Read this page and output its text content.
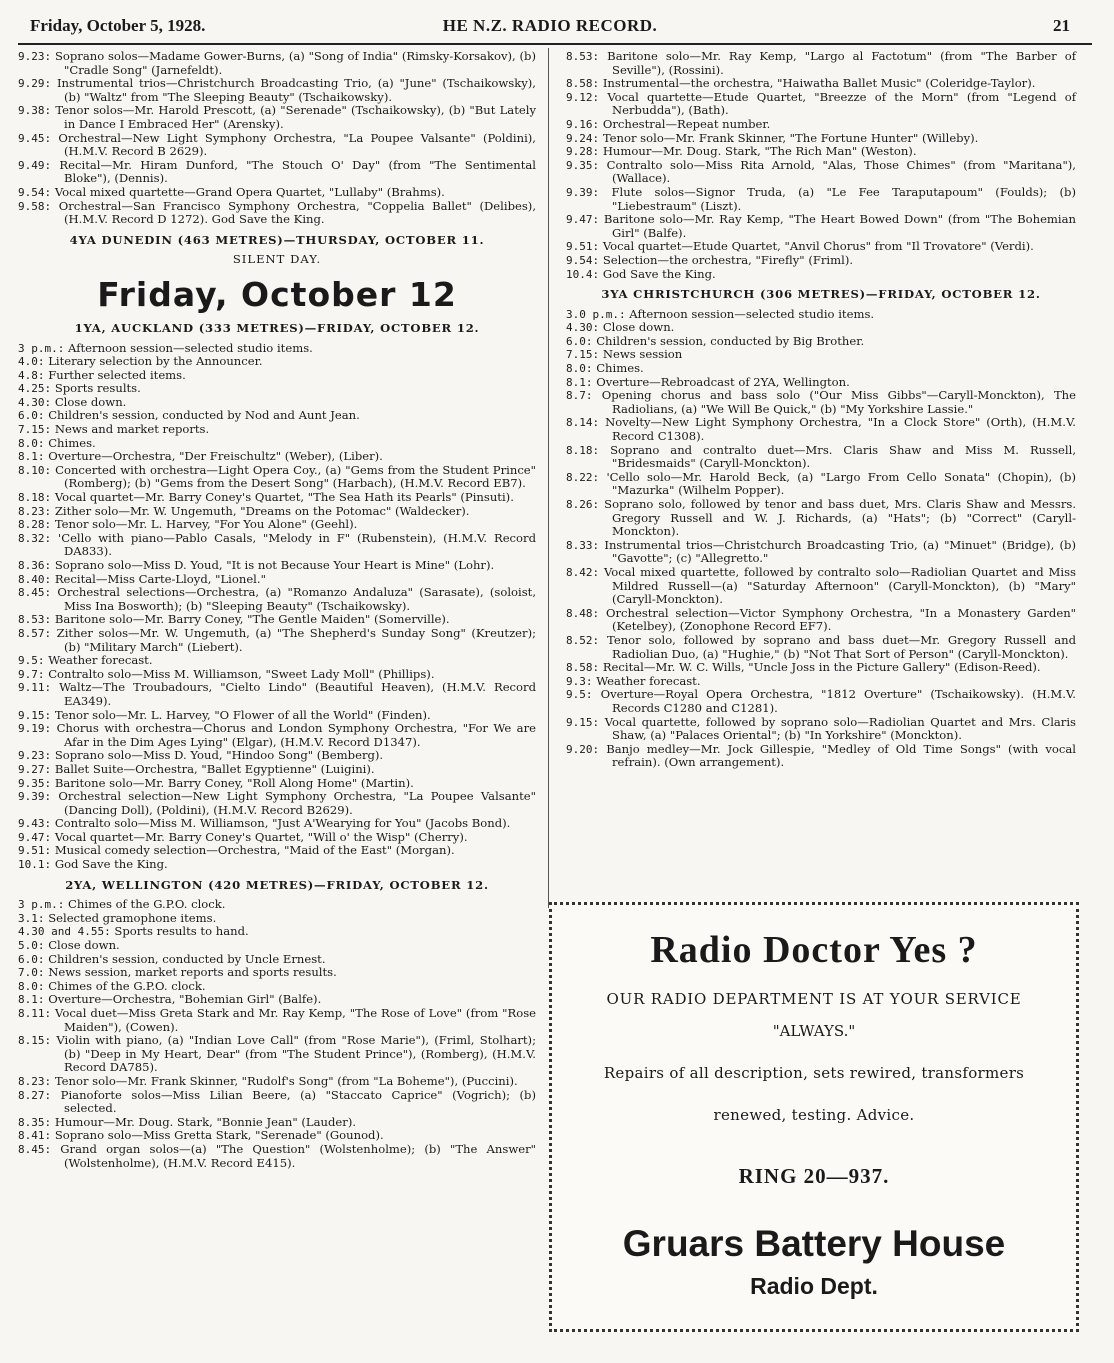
Friday, October 5, 1928.	HE N.Z. RADIO RECORD.	21
9.23: Soprano solos—Madame Gower-Burns, (a) "Song of India" (Rimsky-Korsakov), (b) "Cradle Song" (Jarnefeldt).
9.29: Instrumental trios—Christchurch Broadcasting Trio, (a) "June" (Tschaikowsky), (b) "Waltz" from "The Sleeping Beauty" (Tschaikowsky).
9.38: Tenor solos—Mr. Harold Prescott, (a) "Serenade" (Tschaikowsky), (b) "But Lately in Dance I Embraced Her" (Arensky).
9.45: Orchestral—New Light Symphony Orchestra, "La Poupee Valsante" (Poldini), (H.M.V. Record B 2629).
9.49: Recital—Mr. Hiram Dunford, "The Stouch O' Day" (from "The Sentimental Bloke"), (Dennis).
9.54: Vocal mixed quartette—Grand Opera Quartet, "Lullaby" (Brahms).
9.58: Orchestral—San Francisco Symphony Orchestra, "Coppelia Ballet" (Delibes), (H.M.V. Record D 1272). God Save the King.
4YA DUNEDIN (463 METRES)—THURSDAY, OCTOBER 11.
SILENT DAY.
Friday, October 12
1YA, AUCKLAND (333 METRES)—FRIDAY, OCTOBER 12.
3 p.m.: Afternoon session—selected studio items.
4.0: Literary selection by the Announcer.
4.8: Further selected items.
4.25: Sports results.
4.30: Close down.
6.0: Children's session, conducted by Nod and Aunt Jean.
7.15: News and market reports.
8.0: Chimes.
8.1: Overture—Orchestra, "Der Freischultz" (Weber), (Liber).
8.10: Concerted with orchestra—Light Opera Coy., (a) "Gems from the Student Prince" (Romberg); (b) "Gems from the Desert Song" (Harbach), (H.M.V. Record EB7).
8.18: Vocal quartet—Mr. Barry Coney's Quartet, "The Sea Hath its Pearls" (Pinsuti).
8.23: Zither solo—Mr. W. Ungemuth, "Dreams on the Potomac" (Waldecker).
8.28: Tenor solo—Mr. L. Harvey, "For You Alone" (Geehl).
8.32: 'Cello with piano—Pablo Casals, "Melody in F" (Rubenstein), (H.M.V. Record DA833).
8.36: Soprano solo—Miss D. Youd, "It is not Because Your Heart is Mine" (Lohr).
8.40: Recital—Miss Carte-Lloyd, "Lionel."
8.45: Orchestral selections—Orchestra, (a) "Romanzo Andaluza" (Sarasate), (soloist, Miss Ina Bosworth); (b) "Sleeping Beauty" (Tschaikowsky).
8.53: Baritone solo—Mr. Barry Coney, "The Gentle Maiden" (Somerville).
8.57: Zither solos—Mr. W. Ungemuth, (a) "The Shepherd's Sunday Song" (Kreutzer); (b) "Military March" (Liebert).
9.5: Weather forecast.
9.7: Contralto solo—Miss M. Williamson, "Sweet Lady Moll" (Phillips).
9.11: Waltz—The Troubadours, "Cielto Lindo" (Beautiful Heaven), (H.M.V. Record EA349).
9.15: Tenor solo—Mr. L. Harvey, "O Flower of all the World" (Finden).
9.19: Chorus with orchestra—Chorus and London Symphony Orchestra, "For We are Afar in the Dim Ages Lying" (Elgar), (H.M.V. Record D1347).
9.23: Soprano solo—Miss D. Youd, "Hindoo Song" (Bemberg).
9.27: Ballet Suite—Orchestra, "Ballet Egyptienne" (Luigini).
9.35: Baritone solo—Mr. Barry Coney, "Roll Along Home" (Martin).
9.39: Orchestral selection—New Light Symphony Orchestra, "La Poupee Valsante" (Dancing Doll), (Poldini), (H.M.V. Record B2629).
9.43: Contralto solo—Miss M. Williamson, "Just A'Wearying for You" (Jacobs Bond).
9.47: Vocal quartet—Mr. Barry Coney's Quartet, "Will o' the Wisp" (Cherry).
9.51: Musical comedy selection—Orchestra, "Maid of the East" (Morgan).
10.1: God Save the King.
2YA, WELLINGTON (420 METRES)—FRIDAY, OCTOBER 12.
3 p.m.: Chimes of the G.P.O. clock.
3.1: Selected gramophone items.
4.30 and 4.55: Sports results to hand.
5.0: Close down.
6.0: Children's session, conducted by Uncle Ernest.
7.0: News session, market reports and sports results.
8.0: Chimes of the G.P.O. clock.
8.1: Overture—Orchestra, "Bohemian Girl" (Balfe).
8.11: Vocal duet—Miss Greta Stark and Mr. Ray Kemp, "The Rose of Love" (from "Rose Maiden"), (Cowen).
8.15: Violin with piano, (a) "Indian Love Call" (from "Rose Marie"), (Friml, Stolhart); (b) "Deep in My Heart, Dear" (from "The Student Prince"), (Romberg), (H.M.V. Record DA785).
8.23: Tenor solo—Mr. Frank Skinner, "Rudolf's Song" (from "La Boheme"), (Puccini).
8.27: Pianoforte solos—Miss Lilian Beere, (a) "Staccato Caprice" (Vogrich); (b) selected.
8.35: Humour—Mr. Doug. Stark, "Bonnie Jean" (Lauder).
8.41: Soprano solo—Miss Gretta Stark, "Serenade" (Gounod).
8.45: Grand organ solos—(a) "The Question" (Wolstenholme); (b) "The Answer" (Wolstenholme), (H.M.V. Record E415).
8.53: Baritone solo—Mr. Ray Kemp, "Largo al Factotum" (from "The Barber of Seville"), (Rossini).
8.58: Instrumental—the orchestra, "Haiwatha Ballet Music" (Coleridge-Taylor).
9.12: Vocal quartette—Etude Quartet, "Breezze of the Morn" (from "Legend of Nerbudda"), (Bath).
9.16: Orchestral—Repeat number.
9.24: Tenor solo—Mr. Frank Skinner, "The Fortune Hunter" (Willeby).
9.28: Humour—Mr. Doug. Stark, "The Rich Man" (Weston).
9.35: Contralto solo—Miss Rita Arnold, "Alas, Those Chimes" (from "Maritana"), (Wallace).
9.39: Flute solos—Signor Truda, (a) "Le Fee Taraputapoum" (Foulds); (b) "Liebestraum" (Liszt).
9.47: Baritone solo—Mr. Ray Kemp, "The Heart Bowed Down" (from "The Bohemian Girl" (Balfe).
9.51: Vocal quartet—Etude Quartet, "Anvil Chorus" from "Il Trovatore" (Verdi).
9.54: Selection—the orchestra, "Firefly" (Friml).
10.4: God Save the King.
3YA CHRISTCHURCH (306 METRES)—FRIDAY, OCTOBER 12.
3.0 p.m.: Afternoon session—selected studio items.
4.30: Close down.
6.0: Children's session, conducted by Big Brother.
7.15: News session
8.0: Chimes.
8.1: Overture—Rebroadcast of 2YA, Wellington.
8.7: Opening chorus and bass solo ("Our Miss Gibbs"—Caryll-Monckton), The Radiolians, (a) "We Will Be Quick," (b) "My Yorkshire Lassie."
8.14: Novelty—New Light Symphony Orchestra, "In a Clock Store" (Orth), (H.M.V. Record C1308).
8.18: Soprano and contralto duet—Mrs. Claris Shaw and Miss M. Russell, "Bridesmaids" (Caryll-Monckton).
8.22: 'Cello solo—Mr. Harold Beck, (a) "Largo From Cello Sonata" (Chopin), (b) "Mazurka" (Wilhelm Popper).
8.26: Soprano solo, followed by tenor and bass duet, Mrs. Claris Shaw and Messrs. Gregory Russell and W. J. Richards, (a) "Hats"; (b) "Correct" (Caryll-Monckton).
8.33: Instrumental trios—Christchurch Broadcasting Trio, (a) "Minuet" (Bridge), (b) "Gavotte"; (c) "Allegretto."
8.42: Vocal mixed quartette, followed by contralto solo—Radiolian Quartet and Miss Mildred Russell—(a) "Saturday Afternoon" (Caryll-Monckton), (b) "Mary" (Caryll-Monckton).
8.48: Orchestral selection—Victor Symphony Orchestra, "In a Monastery Garden" (Ketelbey), (Zonophone Record EF7).
8.52: Tenor solo, followed by soprano and bass duet—Mr. Gregory Russell and Radiolian Duo, (a) "Hughie," (b) "Not That Sort of Person" (Caryll-Monckton).
8.58: Recital—Mr. W. C. Wills, "Uncle Joss in the Picture Gallery" (Edison-Reed).
9.3: Weather forecast.
9.5: Overture—Royal Opera Orchestra, "1812 Overture" (Tschaikowsky). (H.M.V. Records C1280 and C1281).
9.15: Vocal quartette, followed by soprano solo—Radiolian Quartet and Mrs. Claris Shaw, (a) "Palaces Oriental"; (b) "In Yorkshire" (Monckton).
9.20: Banjo medley—Mr. Jock Gillespie, "Medley of Old Time Songs" (with vocal refrain). (Own arrangement).
Radio Doctor Yes ?
OUR RADIO DEPARTMENT IS AT YOUR SERVICE
"ALWAYS."
Repairs of all description, sets rewired, transformers renewed, testing. Advice.
RING 20—937.
Gruars Battery House
Radio Dept.
